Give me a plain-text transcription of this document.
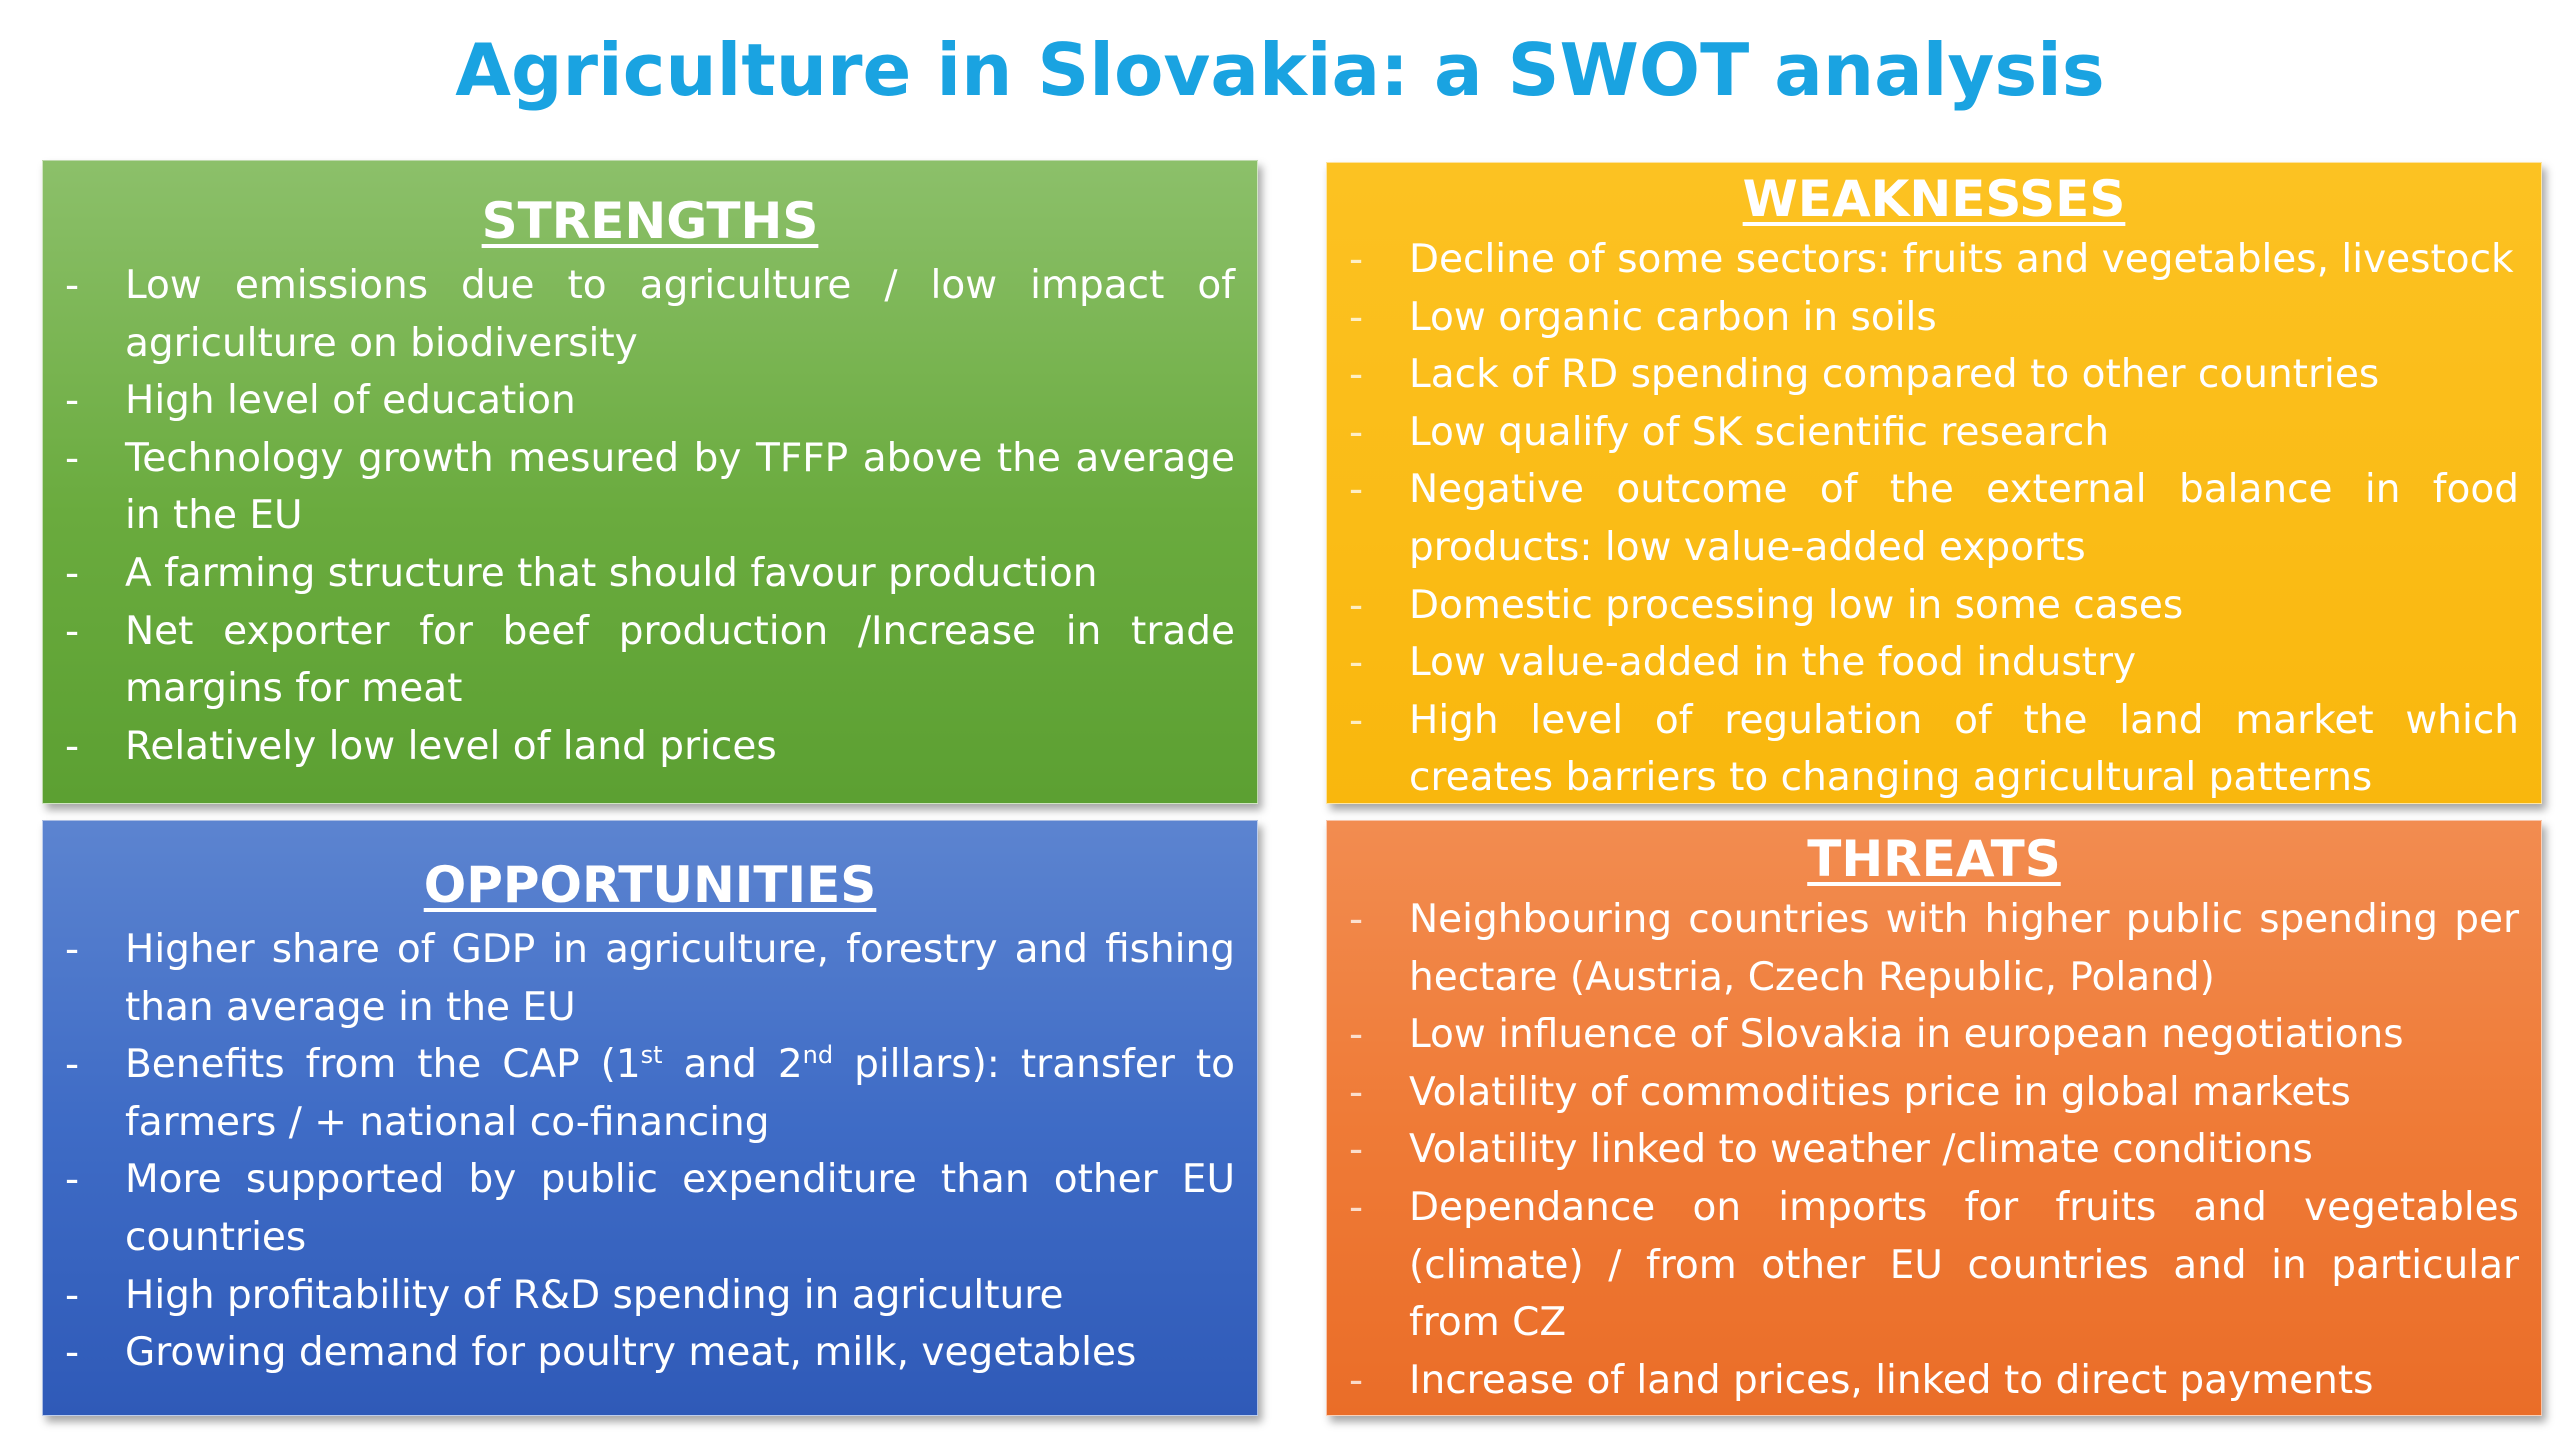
Agriculture in Slovakia: a SWOT analysis
STRENGTHS
- Low emissions due to agriculture / low impact of agriculture on biodiversity
- High level of education
- Technology growth mesured by TFFP above the average in the EU
- A farming structure that should favour production
- Net exporter for beef production /Increase in trade margins for meat
- Relatively low level of land prices
WEAKNESSES
- Decline of some sectors: fruits and vegetables, livestock
- Low organic carbon in soils
- Lack of RD spending compared to other countries
- Low qualify of SK scientific research
- Negative outcome of the external balance in food products: low value-added exports
- Domestic processing low in some cases
- Low value-added in the food industry
- High level of regulation of the land market which creates barriers to changing agricultural patterns
OPPORTUNITIES
- Higher share of GDP in agriculture, forestry and fishing than average in the EU
- Benefits from the CAP (1st and 2nd pillars): transfer to farmers / + national co-financing
- More supported by public expenditure than other EU countries
- High profitability of R&D spending in agriculture
- Growing demand for poultry meat, milk, vegetables
THREATS
- Neighbouring countries with higher public spending per hectare (Austria, Czech Republic, Poland)
- Low influence of Slovakia in european negotiations
- Volatility of commodities price in global markets
- Volatility linked to weather /climate conditions
- Dependance on imports for fruits and vegetables (climate) / from other EU countries and in particular from CZ
- Increase of land prices, linked to direct payments
